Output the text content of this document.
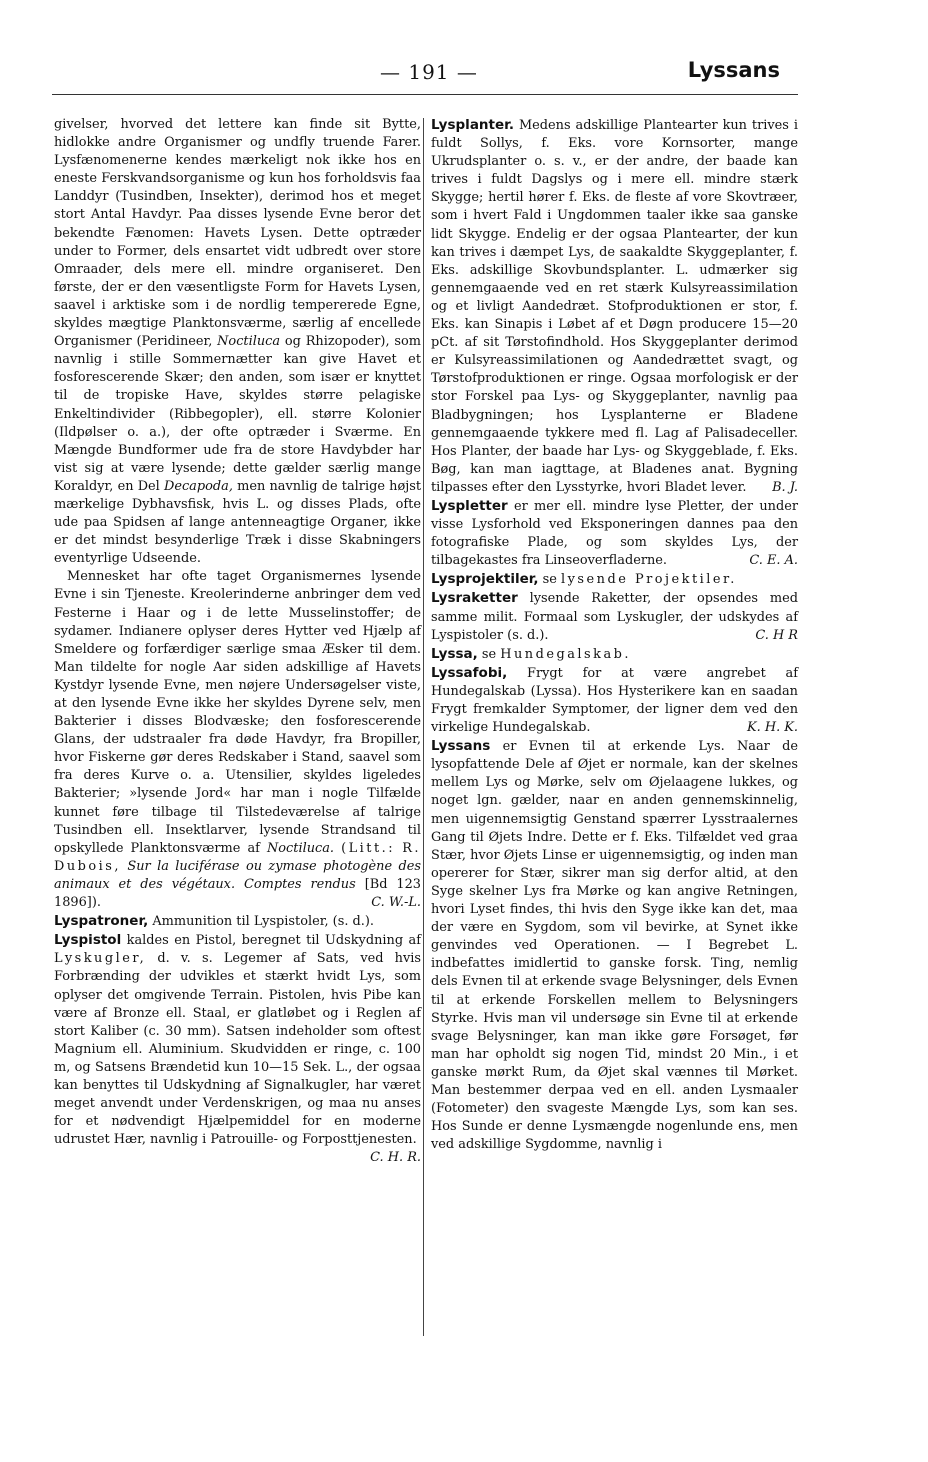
— 191 —	Lyssans

givelser, hvorved det lettere kan finde sit Bytte, hidlokke andre Organismer og undfly truende Farer. Lysfænomenerne kendes mærkeligt nok ikke hos en eneste Ferskvandsorganisme og kun hos forholdsvis faa Landdyr (Tusindben, Insekter), derimod hos et meget stort Antal Havdyr. Paa disses lysende Evne beror det bekendte Fænomen: Havets Lysen. Dette optræder under to Former, dels ensartet vidt udbredt over store Omraader, dels mere ell. mindre organiseret. Den første, der er den væsentligste Form for Havets Lysen, saavel i arktiske som i de nordlig tempererede Egne, skyldes mægtige Planktonsværme, særlig af encellede Organismer (Peridineer, Noctiluca og Rhizopoder), som navnlig i stille Sommernætter kan give Havet et fosforescerende Skær; den anden, som især er knyttet til de tropiske Have, skyldes større pelagiske Enkeltindivider (Ribbegopler), ell. større Kolonier (Ildpølser o. a.), der ofte optræder i Sværme. En Mængde Bundformer ude fra de store Havdybder har vist sig at være lysende; dette gælder særlig mange Koraldyr, en Del Decapoda, men navnlig de talrige højst mærkelige Dybhavsfisk, hvis L. og disses Plads, ofte ude paa Spidsen af lange antenneagtige Organer, ikke er det mindst besynderlige Træk i disse Skabningers eventyrlige Udseende.

Mennesket har ofte taget Organismernes lysende Evne i sin Tjeneste. Kreolerinderne anbringer dem ved Festerne i Haar og i de lette Musselinstoffer; de sydamer. Indianere oplyser deres Hytter ved Hjælp af Smeldere og forfærdiger særlige smaa Æsker til dem. Man tildelte for nogle Aar siden adskillige af Havets Kystdyr lysende Evne, men nøjere Undersøgelser viste, at den lysende Evne ikke her skyldes Dyrene selv, men Bakterier i disses Blodvæske; den fosforescerende Glans, der udstraaler fra døde Havdyr, fra Bropiller, hvor Fiskerne gør deres Redskaber i Stand, saavel som fra deres Kurve o. a. Utensilier, skyldes ligeledes Bakterier; »lysende Jord« har man i nogle Tilfælde kunnet føre tilbage til Tilstedeværelse af talrige Tusindben ell. Insektlarver, lysende Strandsand til opskyllede Planktonsværme af Noctiluca. (Litt.: R. Dubois, Sur la luciférase ou zymase photogène des animaux et des végétaux. Comptes rendus [Bd 123 1896]).	C. W.-L.

Lyspatroner, Ammunition til Lyspistoler, (s. d.).

Lyspistol kaldes en Pistol, beregnet til Udskydning af Lyskugler, d. v. s. Legemer af Sats, ved hvis Forbrænding der udvikles et stærkt hvidt Lys, som oplyser det omgivende Terrain. Pistolen, hvis Pibe kan være af Bronze ell. Staal, er glatløbet og i Reglen af stort Kaliber (c. 30 mm). Satsen indeholder som oftest Magnium ell. Aluminium. Skudvidden er ringe, c. 100 m, og Satsens Brændetid kun 10—15 Sek. L., der ogsaa kan benyttes til Udskydning af Signalkugler, har været meget anvendt under Verdenskrigen, og maa nu anses for et nødvendigt Hjælpemiddel for en moderne udrustet Hær, navnlig i Patrouille- og Forposttjenesten.
C. H. R.

Lysplanter. Medens adskillige Plantearter kun trives i fuldt Sollys, f. Eks. vore Kornsorter, mange Ukrudsplanter o. s. v., er der andre, der baade kan trives i fuldt Dagslys og i mere ell. mindre stærk Skygge; hertil hører f. Eks. de fleste af vore Skovtræer, som i hvert Fald i Ungdommen taaler ikke saa ganske lidt Skygge. Endelig er der ogsaa Plantearter, der kun kan trives i dæmpet Lys, de saakaldte Skyggeplanter, f. Eks. adskillige Skovbundsplanter. L. udmærker sig gennemgaaende ved en ret stærk Kulsyreassimilation og et livligt Aandedræt. Stofproduktionen er stor, f. Eks. kan Sinapis i Løbet af et Døgn producere 15—20 pCt. af sit Tørstofindhold. Hos Skyggeplanter derimod er Kulsyreassimilationen og Aandedrættet svagt, og Tørstofproduktionen er ringe. Ogsaa morfologisk er der stor Forskel paa Lys- og Skyggeplanter, navnlig paa Bladbygningen; hos Lysplanterne er Bladene gennemgaaende tykkere med fl. Lag af Palisadeceller. Hos Planter, der baade har Lys- og Skyggeblade, f. Eks. Bøg, kan man iagttage, at Bladenes anat. Bygning tilpasses efter den Lysstyrke, hvori Bladet lever.	B. J.

Lyspletter er mer ell. mindre lyse Pletter, der under visse Lysforhold ved Eksponeringen dannes paa den fotografiske Plade, og som skyldes Lys, der tilbagekastes fra Linseoverfladerne.	C. E. A.

Lysprojektiler, se lysende Projektiler.

Lysraketter lysende Raketter, der opsendes med samme milit. Formaal som Lyskugler, der udskydes af Lyspistoler (s. d.).	C. H R

Lyssa, se Hundegalskab.

Lyssafobi, Frygt for at være angrebet af Hundegalskab (Lyssa). Hos Hysterikere kan en saadan Frygt fremkalder Symptomer, der ligner dem ved den virkelige Hundegalskab.	K. H. K.

Lyssans er Evnen til at erkende Lys. Naar de lysopfattende Dele af Øjet er normale, kan der skelnes mellem Lys og Mørke, selv om Øjelaagene lukkes, og noget lgn. gælder, naar en anden gennemskinnelig, men uigennemsigtig Genstand spærrer Lysstraalernes Gang til Øjets Indre. Dette er f. Eks. Tilfældet ved graa Stær, hvor Øjets Linse er uigennemsigtig, og inden man opererer for Stær, sikrer man sig derfor altid, at den Syge skelner Lys fra Mørke og kan angive Retningen, hvori Lyset findes, thi hvis den Syge ikke kan det, maa der være en Sygdom, som vil bevirke, at Synet ikke genvindes ved Operationen. — I Begrebet L. indbefattes imidlertid to ganske forsk. Ting, nemlig dels Evnen til at erkende svage Belysninger, dels Evnen til at erkende Forskellen mellem to Belysningers Styrke. Hvis man vil undersøge sin Evne til at erkende svage Belysninger, kan man ikke gøre Forsøget, før man har opholdt sig nogen Tid, mindst 20 Min., i et ganske mørkt Rum, da Øjet skal vænnes til Mørket. Man bestemmer derpaa ved en ell. anden Lysmaaler (Fotometer) den svageste Mængde Lys, som kan ses. Hos Sunde er denne Lysmængde nogenlunde ens, men ved adskillige Sygdomme, navnlig i
